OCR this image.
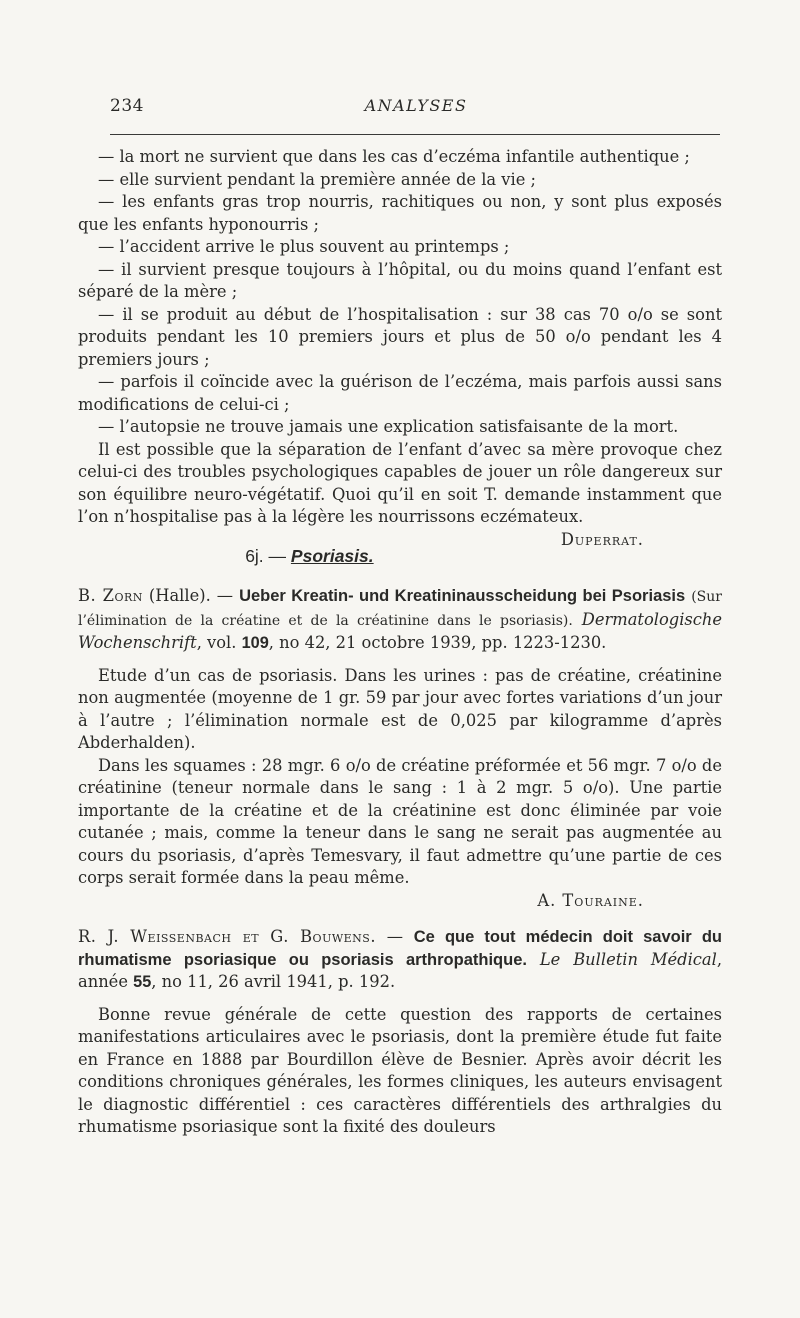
234	ANALYSES

— la mort ne survient que dans les cas d’eczéma infantile authentique ;

— elle survient pendant la première année de la vie ;

— les enfants gras trop nourris, rachitiques ou non, y sont plus exposés que les enfants hyponourris ;

— l’accident arrive le plus souvent au printemps ;

— il survient presque toujours à l’hôpital, ou du moins quand l’enfant est séparé de la mère ;

— il se produit au début de l’hospitalisation : sur 38 cas 70 o/o se sont produits pendant les 10 premiers jours et plus de 50 o/o pendant les 4 premiers jours ;

— parfois il coïncide avec la guérison de l’eczéma, mais parfois aussi sans modifications de celui-ci ;

— l’autopsie ne trouve jamais une explication satisfaisante de la mort.

Il est possible que la séparation de l’enfant d’avec sa mère provoque chez celui-ci des troubles psychologiques capables de jouer un rôle dangereux sur son équilibre neuro-végétatif. Quoi qu’il en soit T. demande instamment que l’on n’hospitalise pas à la légère les nourrissons eczémateux.
Duperrat.

6j. — Psoriasis.

B. Zorn (Halle). — Ueber Kreatin- und Kreatininausscheidung bei Psoriasis (Sur l’élimination de la créatine et de la créatinine dans le psoriasis). Dermatologische Wochenschrift, vol. 109, no 42, 21 octobre 1939, pp. 1223-1230.

Etude d’un cas de psoriasis. Dans les urines : pas de créatine, créatinine non augmentée (moyenne de 1 gr. 59 par jour avec fortes variations d’un jour à l’autre ; l’élimination normale est de 0,025 par kilogramme d’après Abderhalden).

Dans les squames : 28 mgr. 6 o/o de créatine préformée et 56 mgr. 7 o/o de créatinine (teneur normale dans le sang : 1 à 2 mgr. 5 o/o). Une partie importante de la créatine et de la créatinine est donc éliminée par voie cutanée ; mais, comme la teneur dans le sang ne serait pas augmentée au cours du psoriasis, d’après Temesvary, il faut admettre qu’une partie de ces corps serait formée dans la peau même.

A. Touraine.

R. J. Weissenbach et G. Bouwens. — Ce que tout médecin doit savoir du rhumatisme psoriasique ou psoriasis arthropathique. Le Bulletin Médical, année 55, no 11, 26 avril 1941, p. 192.

Bonne revue générale de cette question des rapports de certaines manifestations articulaires avec le psoriasis, dont la première étude fut faite en France en 1888 par Bourdillon élève de Besnier. Après avoir décrit les conditions chroniques générales, les formes cliniques, les auteurs envisagent le diagnostic différentiel : ces caractères différentiels des arthralgies du rhumatisme psoriasique sont la fixité des douleurs
